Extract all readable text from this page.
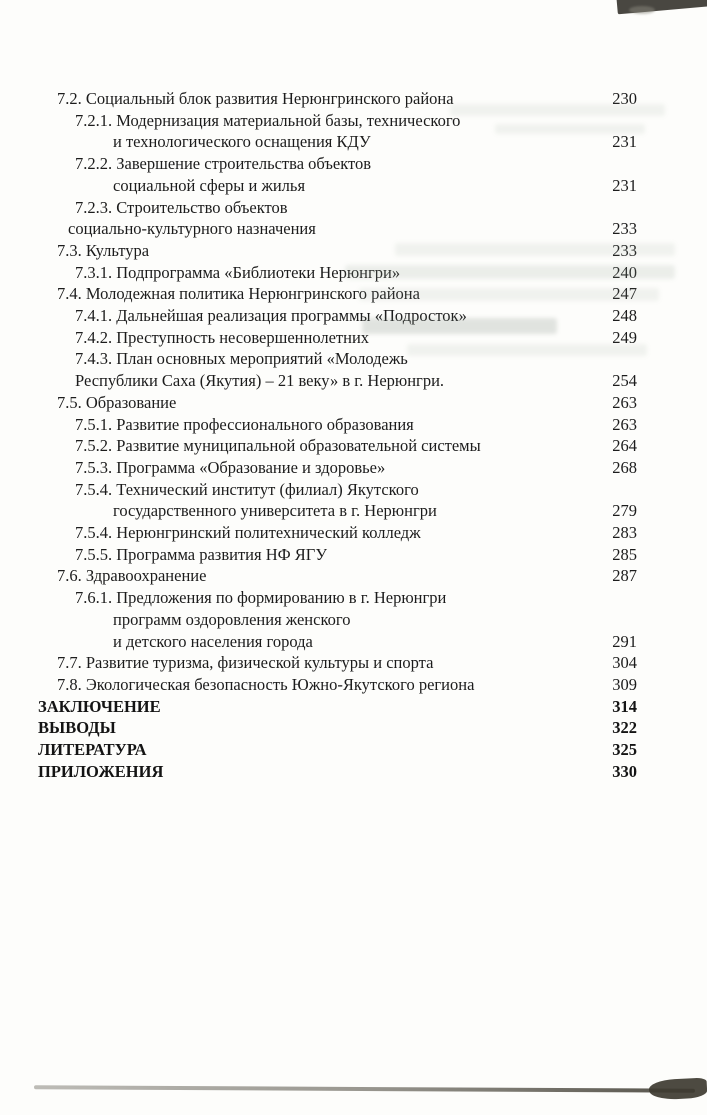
7.2. Социальный блок развития Нерюнгринского района	230
7.2.1. Модернизация материальной базы, технического
и технологического оснащения КДУ	231
7.2.2. Завершение строительства объектов
социальной сферы и жилья	231
7.2.3. Строительство объектов
социально-культурного назначения	233
7.3. Культура	233
7.3.1. Подпрограмма «Библиотеки Нерюнгри»	240
7.4. Молодежная политика Нерюнгринского района	247
7.4.1. Дальнейшая реализация программы «Подросток»	248
7.4.2. Преступность несовершеннолетних	249
7.4.3. План основных мероприятий «Молодежь
Республики Саха (Якутия) – 21 веку» в г. Нерюнгри.	254
7.5. Образование	263
7.5.1. Развитие профессионального образования	263
7.5.2. Развитие муниципальной образовательной системы	264
7.5.3. Программа «Образование и здоровье»	268
7.5.4. Технический институт (филиал) Якутского
государственного университета в г. Нерюнгри	279
7.5.4. Нерюнгринский политехнический колледж	283
7.5.5. Программа развития НФ ЯГУ	285
7.6. Здравоохранение	287
7.6.1. Предложения по формированию в г. Нерюнгри
программ оздоровления женского
и детского населения города	291
7.7. Развитие туризма, физической культуры и спорта	304
7.8. Экологическая безопасность Южно-Якутского региона	309
ЗАКЛЮЧЕНИЕ	314
ВЫВОДЫ	322
ЛИТЕРАТУРА	325
ПРИЛОЖЕНИЯ	330
